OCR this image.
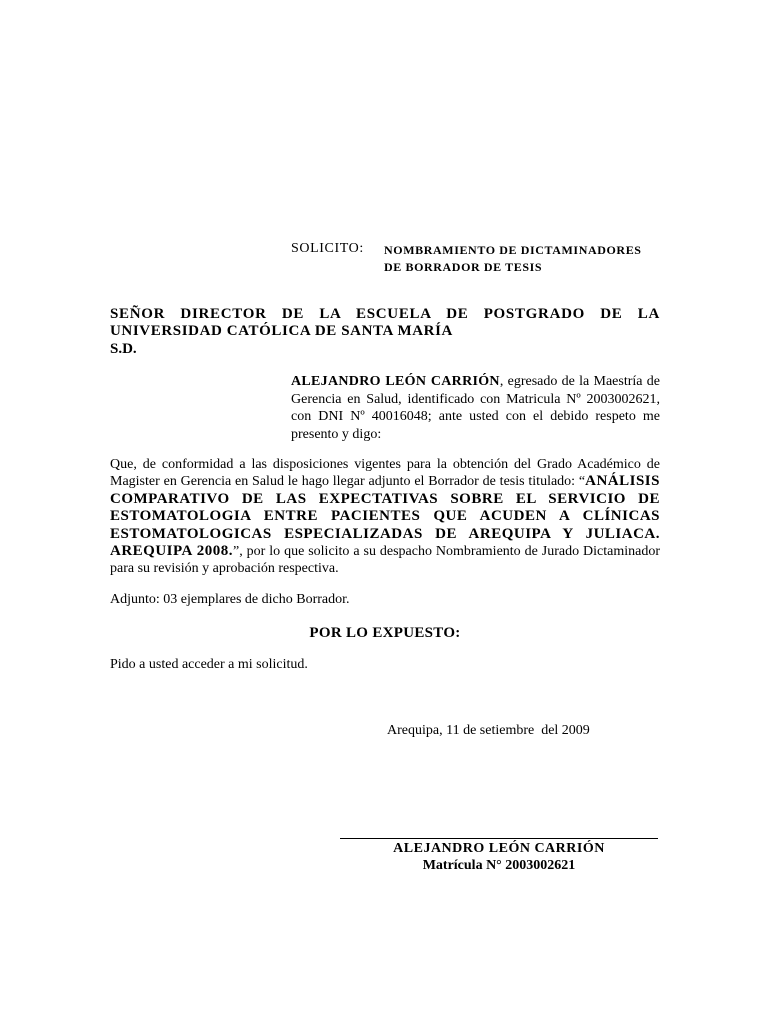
SOLICITO: NOMBRAMIENTO DE DICTAMINADORES
DE BORRADOR DE TESIS
SEÑOR DIRECTOR DE LA ESCUELA DE POSTGRADO DE LA
UNIVERSIDAD CATÓLICA DE SANTA MARÍA
S.D.
ALEJANDRO LEÓN CARRIÓN, egresado de la Maestría de Gerencia en Salud, identificado con Matricula Nº 2003002621, con DNI Nº 40016048; ante usted con el debido respeto me presento y digo:
Que, de conformidad a las disposiciones vigentes para la obtención del Grado Académico de Magister en Gerencia en Salud le hago llegar adjunto el Borrador de tesis titulado: “ANÁLISIS COMPARATIVO DE LAS EXPECTATIVAS SOBRE EL SERVICIO DE ESTOMATOLOGIA ENTRE PACIENTES QUE ACUDEN A CLÍNICAS ESTOMATOLOGICAS ESPECIALIZADAS DE AREQUIPA Y JULIACA. AREQUIPA 2008.”, por lo que solicito a su despacho Nombramiento de Jurado Dictaminador para su revisión y aprobación respectiva.
Adjunto: 03 ejemplares de dicho Borrador.
POR LO EXPUESTO:
Pido a usted acceder a mi solicitud.
Arequipa, 11 de setiembre  del 2009
ALEJANDRO LEÓN CARRIÓN
Matrícula N° 2003002621
